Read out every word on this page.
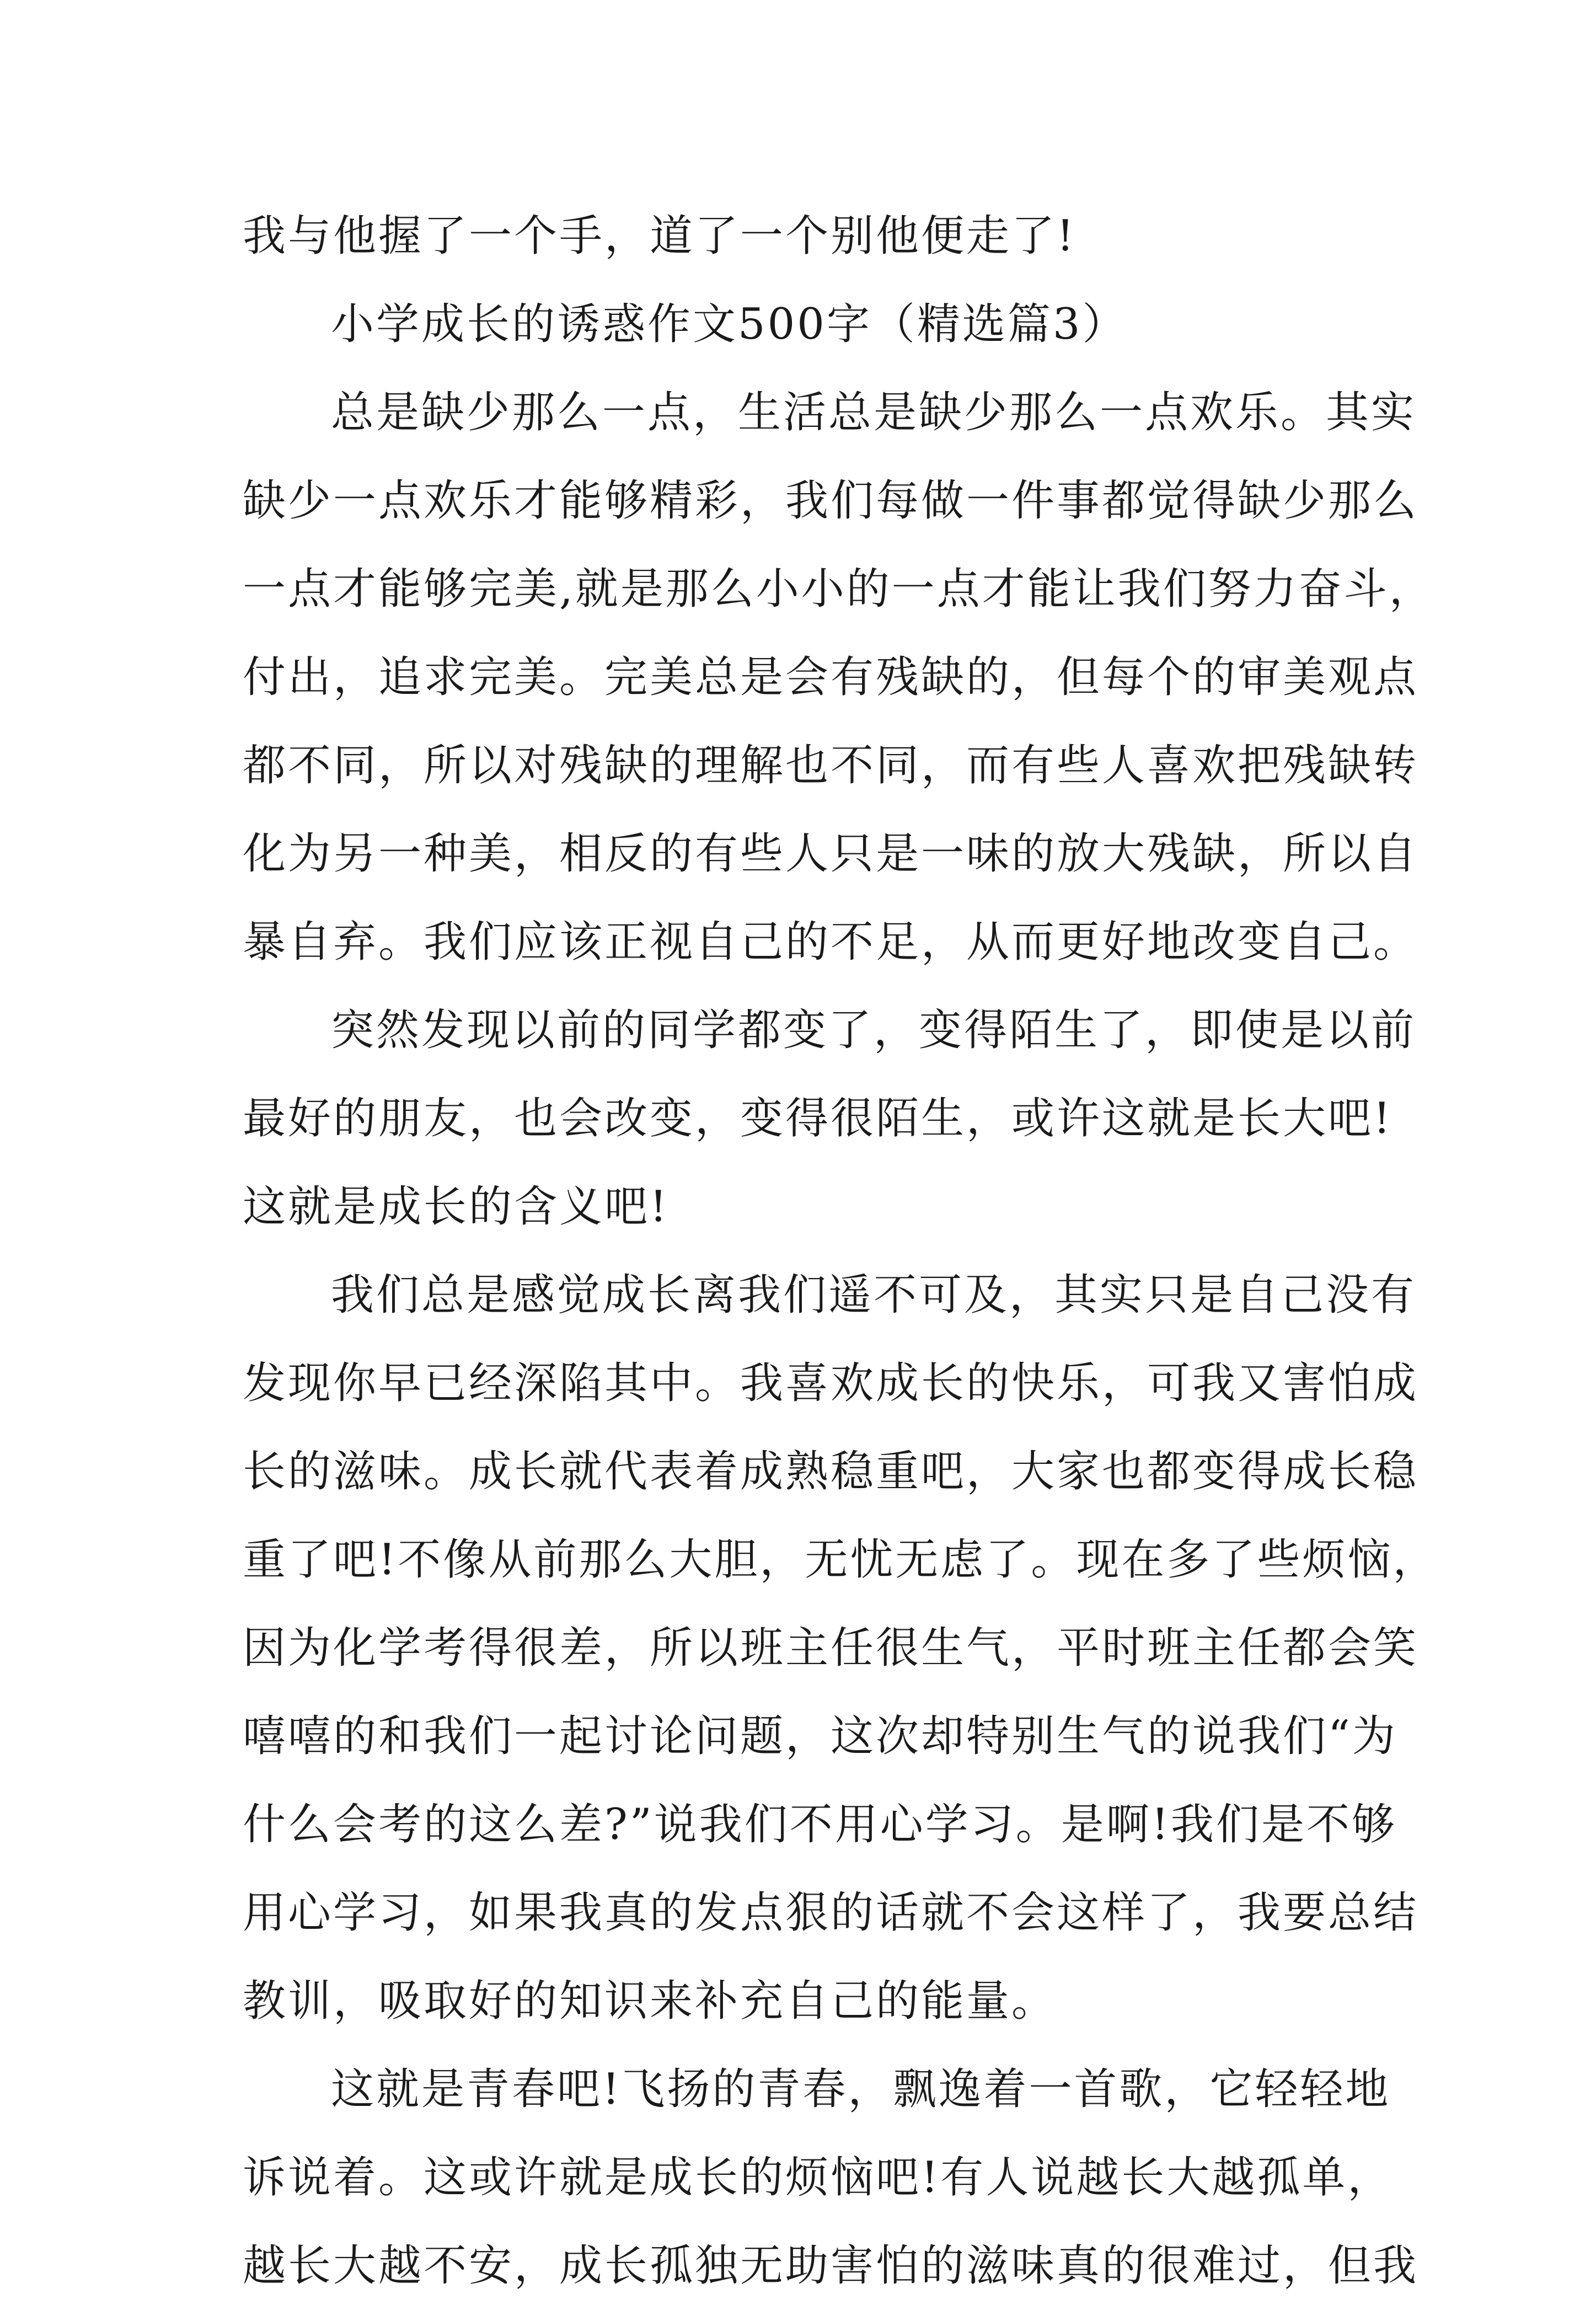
我与他握了一个手，道了一个别他便走了!

小学成长的诱惑作文500字（精选篇3）

总是缺少那么一点，生活总是缺少那么一点欢乐。其实
缺少一点欢乐才能够精彩，我们每做一件事都觉得缺少那么
一点才能够完美,就是那么小小的一点才能让我们努力奋斗，
付出，追求完美。完美总是会有残缺的，但每个的审美观点
都不同，所以对残缺的理解也不同，而有些人喜欢把残缺转
化为另一种美，相反的有些人只是一味的放大残缺，所以自
暴自弃。我们应该正视自己的不足，从而更好地改变自己。

突然发现以前的同学都变了，变得陌生了，即使是以前
最好的朋友，也会改变，变得很陌生，或许这就是长大吧!
这就是成长的含义吧!

我们总是感觉成长离我们遥不可及，其实只是自己没有
发现你早已经深陷其中。我喜欢成长的快乐，可我又害怕成
长的滋味。成长就代表着成熟稳重吧，大家也都变得成长稳
重了吧!不像从前那么大胆，无忧无虑了。现在多了些烦恼，
因为化学考得很差，所以班主任很生气，平时班主任都会笑
嘻嘻的和我们一起讨论问题，这次却特别生气的说我们“为
什么会考的这么差?”说我们不用心学习。是啊!我们是不够
用心学习，如果我真的发点狠的话就不会这样了，我要总结
教训，吸取好的知识来补充自己的能量。

这就是青春吧!飞扬的青春，飘逸着一首歌，它轻轻地
诉说着。这或许就是成长的烦恼吧!有人说越长大越孤单，
越长大越不安，成长孤独无助害怕的滋味真的很难过，但我
